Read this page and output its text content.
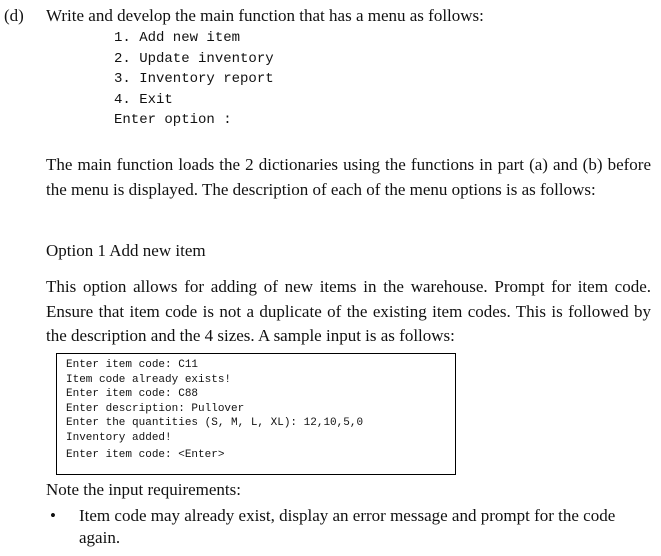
(d) Write and develop the main function that has a menu as follows:
1. Add new item
2. Update inventory
3. Inventory report
4. Exit
Enter option :
The main function loads the 2 dictionaries using the functions in part (a) and (b) before the menu is displayed. The description of each of the menu options is as follows:
Option 1 Add new item
This option allows for adding of new items in the warehouse. Prompt for item code. Ensure that item code is not a duplicate of the existing item codes. This is followed by the description and the 4 sizes. A sample input is as follows:
Enter item code: C11
Item code already exists!
Enter item code: C88
Enter description: Pullover
Enter the quantities (S, M, L, XL): 12,10,5,0
Inventory added!
Enter item code: <Enter>
Note the input requirements:
• Item code may already exist, display an error message and prompt for the code again.
